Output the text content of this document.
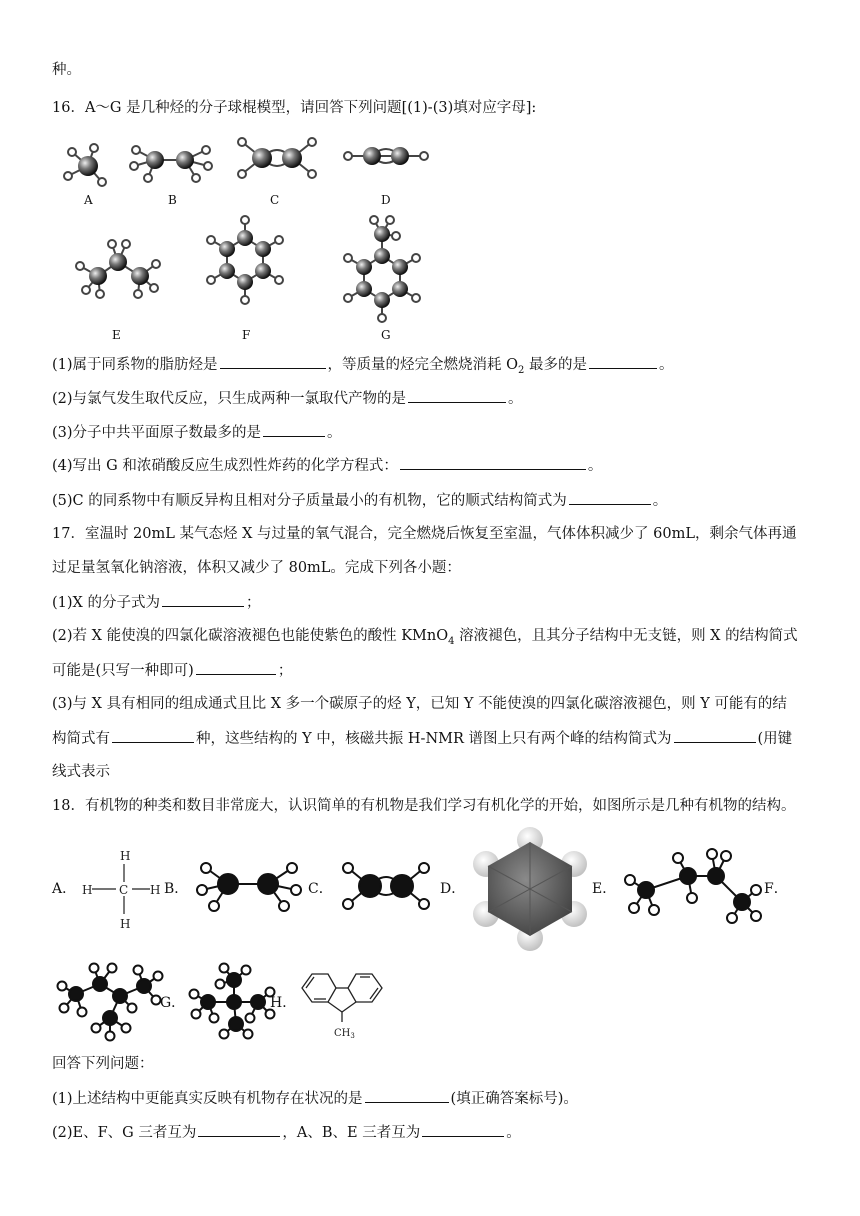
种。
16．A～G 是几种烃的分子球棍模型，请回答下列问题[(1)-(3)填对应字母]:
A	B	C	D
E	F	G
(1)属于同系物的脂肪烃是	，等质量的烃完全燃烧消耗 $O_2$ 最多的是	。
(2)与氯气发生取代反应，只生成两种一氯取代产物的是	。
(3)分子中共平面原子数最多的是	。
(4)写出 G 和浓硝酸反应生成烈性炸药的化学方程式：	。
(5)C 的同系物中有顺反异构且相对分子质量最小的有机物，它的顺式结构简式为	。
17．室温时 20mL 某气态烃 X 与过量的氧气混合，完全燃烧后恢复至室温，气体体积减少了 60mL，剩余气体再通
过足量氢氧化钠溶液，体积又减少了 80mL。完成下列各小题：
(1)X 的分子式为	；
(2)若 X 能使溴的四氯化碳溶液褪色也能使紫色的酸性 KMnO$_4$ 溶液褪色，且其分子结构中无支链，则 X 的结构简式
可能是(只写一种即可)	；
(3)与 X 具有相同的组成通式且比 X 多一个碳原子的烃 Y，已知 Y 不能使溴的四氯化碳溶液褪色，则 Y 可能有的结
构简式有	种，这些结构的 Y 中，核磁共振 H-NMR 谱图上只有两个峰的结构简式为	(用键
线式表示
18．有机物的种类和数目非常庞大，认识简单的有机物是我们学习有机化学的开始，如图所示是几种有机物的结构。
A．
H
C
H	H
H
B．	C．	D．	E．	F．
G．	H．
$CH_3$
回答下列问题：
(1)上述结构中更能真实反映有机物存在状况的是	(填正确答案标号)。
(2)E、F、G 三者互为	，A、B、E 三者互为	。
